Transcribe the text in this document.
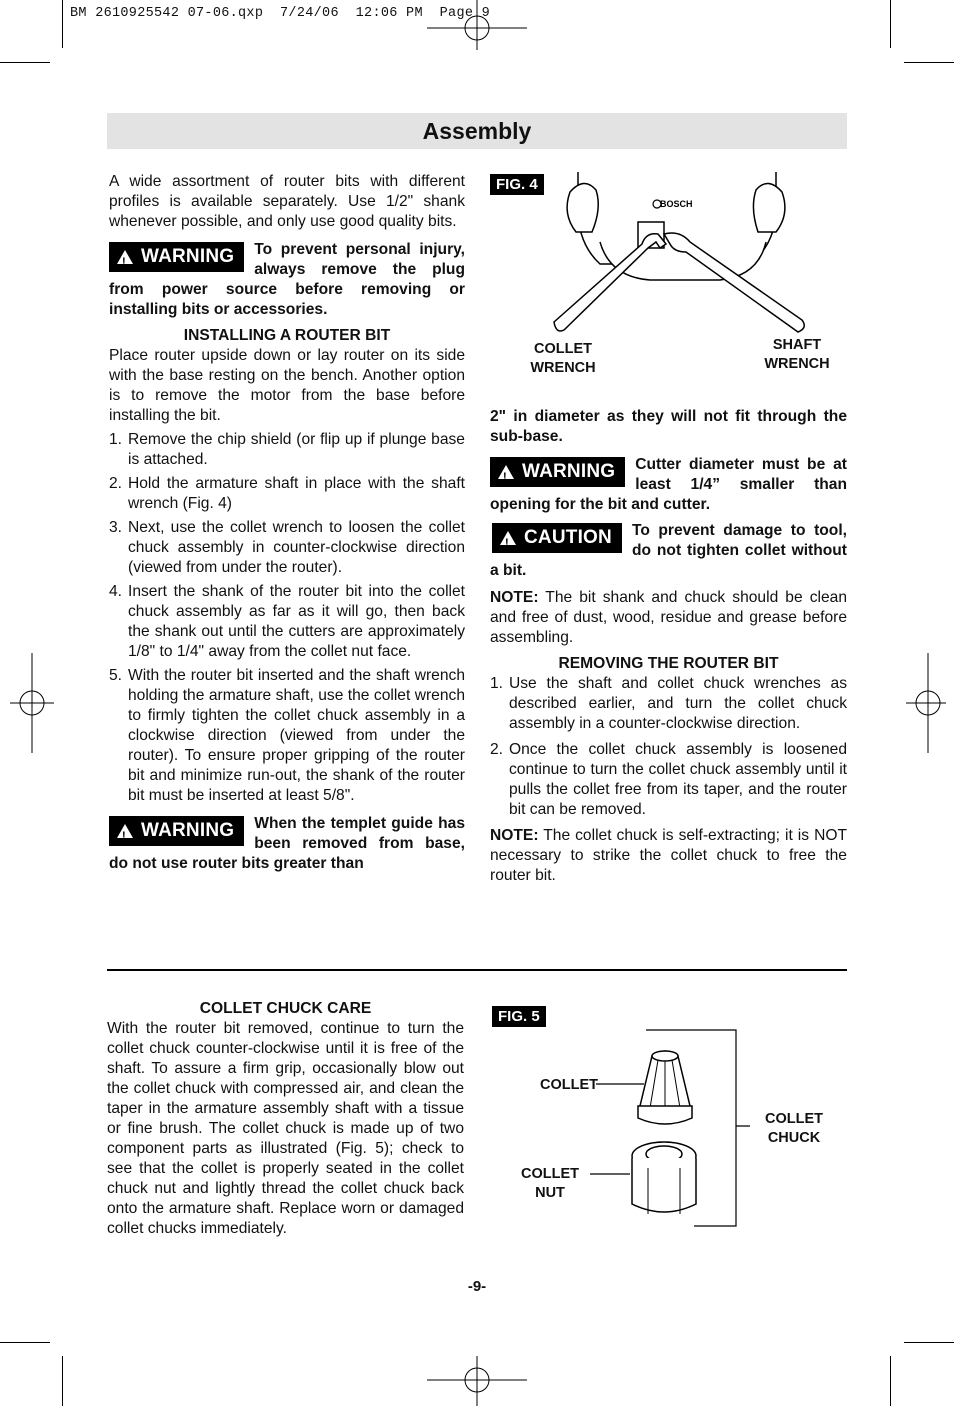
BM 2610925542 07-06.qxp  7/24/06  12:06 PM  Page 9
Assembly

A wide assortment of router bits with different profiles is available separately. Use 1/2" shank whenever possible, and only use good quality bits.

!
WARNING	To prevent personal injury, always remove the plug from power source before removing or installing bits or accessories.

INSTALLING A ROUTER BIT

Place router upside down or lay router on its side with the base resting on the bench. Another option is to remove the motor from the base before installing the bit.

1. Remove the chip shield (or flip up if plunge base is attached.
2. Hold the armature shaft in place with the shaft wrench (Fig. 4)
3. Next, use the collet wrench to loosen the collet chuck assembly in counter-clockwise direction (viewed from under the router).
4. Insert the shank of the router bit into the collet chuck assembly as far as it will go, then back the shank out until the cutters are approximately 1/8" to 1/4" away from the collet nut face.
5. With the router bit inserted and the shaft wrench holding the armature shaft, use the collet wrench to firmly tighten the collet chuck assembly in a clockwise direction (viewed from under the router). To ensure proper gripping of the router bit and minimize run-out, the shank of the router bit must be inserted at least 5/8".
!
WARNING	When the templet guide has been removed from base, do not use router bits greater than
FIG. 4
BOSCH
COLLET
WRENCH
SHAFT
WRENCH

2" in diameter as they will not fit through the sub-base.

!
WARNING	Cutter diameter must be at least 1/4” smaller than opening for the bit and cutter.
!
CAUTION	To prevent damage to tool, do not tighten collet without a bit.

NOTE: The bit shank and chuck should be clean and free of dust, wood, residue and grease before assembling.

REMOVING THE ROUTER BIT

1. Use the shaft and collet chuck wrenches as described earlier, and turn the collet chuck assembly in a counter-clockwise direction.
2. Once the collet chuck assembly is loosened continue to turn the collet chuck assembly until it pulls the collet free from its taper, and the router bit can be removed.

NOTE: The collet chuck is self-extracting; it is NOT necessary to strike the collet chuck to free the router bit.

COLLET CHUCK CARE

With the router bit removed, continue to turn the collet chuck counter-clockwise until it is free of the shaft. To assure a firm grip, occasionally blow out the collet chuck with compressed air, and clean the taper in the armature assembly shaft with a tissue or fine brush. The collet chuck is made up of two component parts as illustrated (Fig. 5); check to see that the collet is properly seated in the collet chuck nut and lightly thread the collet chuck back onto the armature shaft. Replace worn or damaged collet chucks immediately.

FIG. 5
COLLET
COLLET
NUT
COLLET
CHUCK
-9-
